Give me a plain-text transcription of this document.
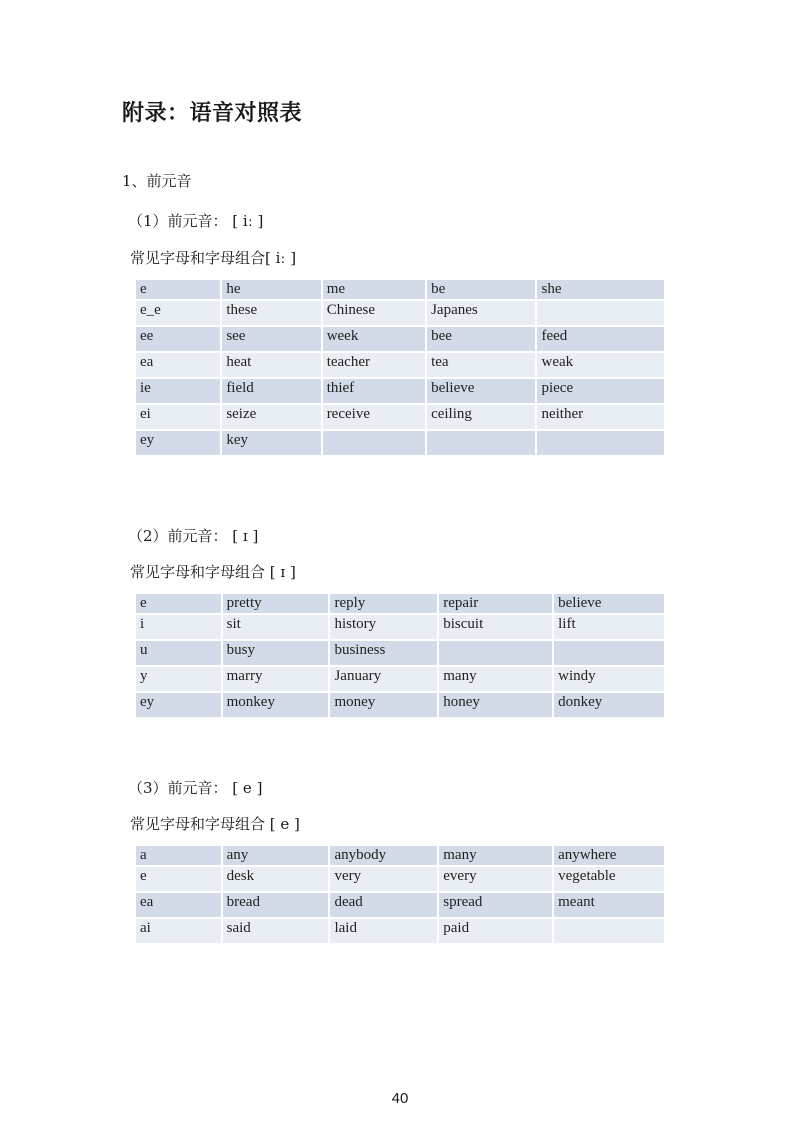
附录：语音对照表
1、前元音
（1）前元音： [ iː ]
常见字母和字母组合[ iː ]
e	he	me	be	she
e_e	these	Chinese	Japanes	
ee	see	week	bee	feed
ea	heat	teacher	tea	weak
ie	field	thief	believe	piece
ei	seize	receive	ceiling	neither
ey	key			
（2）前元音： [ ɪ ]
常见字母和字母组合 [ ɪ ]
e	pretty	reply	repair	believe
i	sit	history	biscuit	lift
u	busy	business		
y	marry	January	many	windy
ey	monkey	money	honey	donkey
（3）前元音： [ e ]
常见字母和字母组合 [ e ]
a	any	anybody	many	anywhere
e	desk	very	every	vegetable
ea	bread	dead	spread	meant
ai	said	laid	paid	
40
